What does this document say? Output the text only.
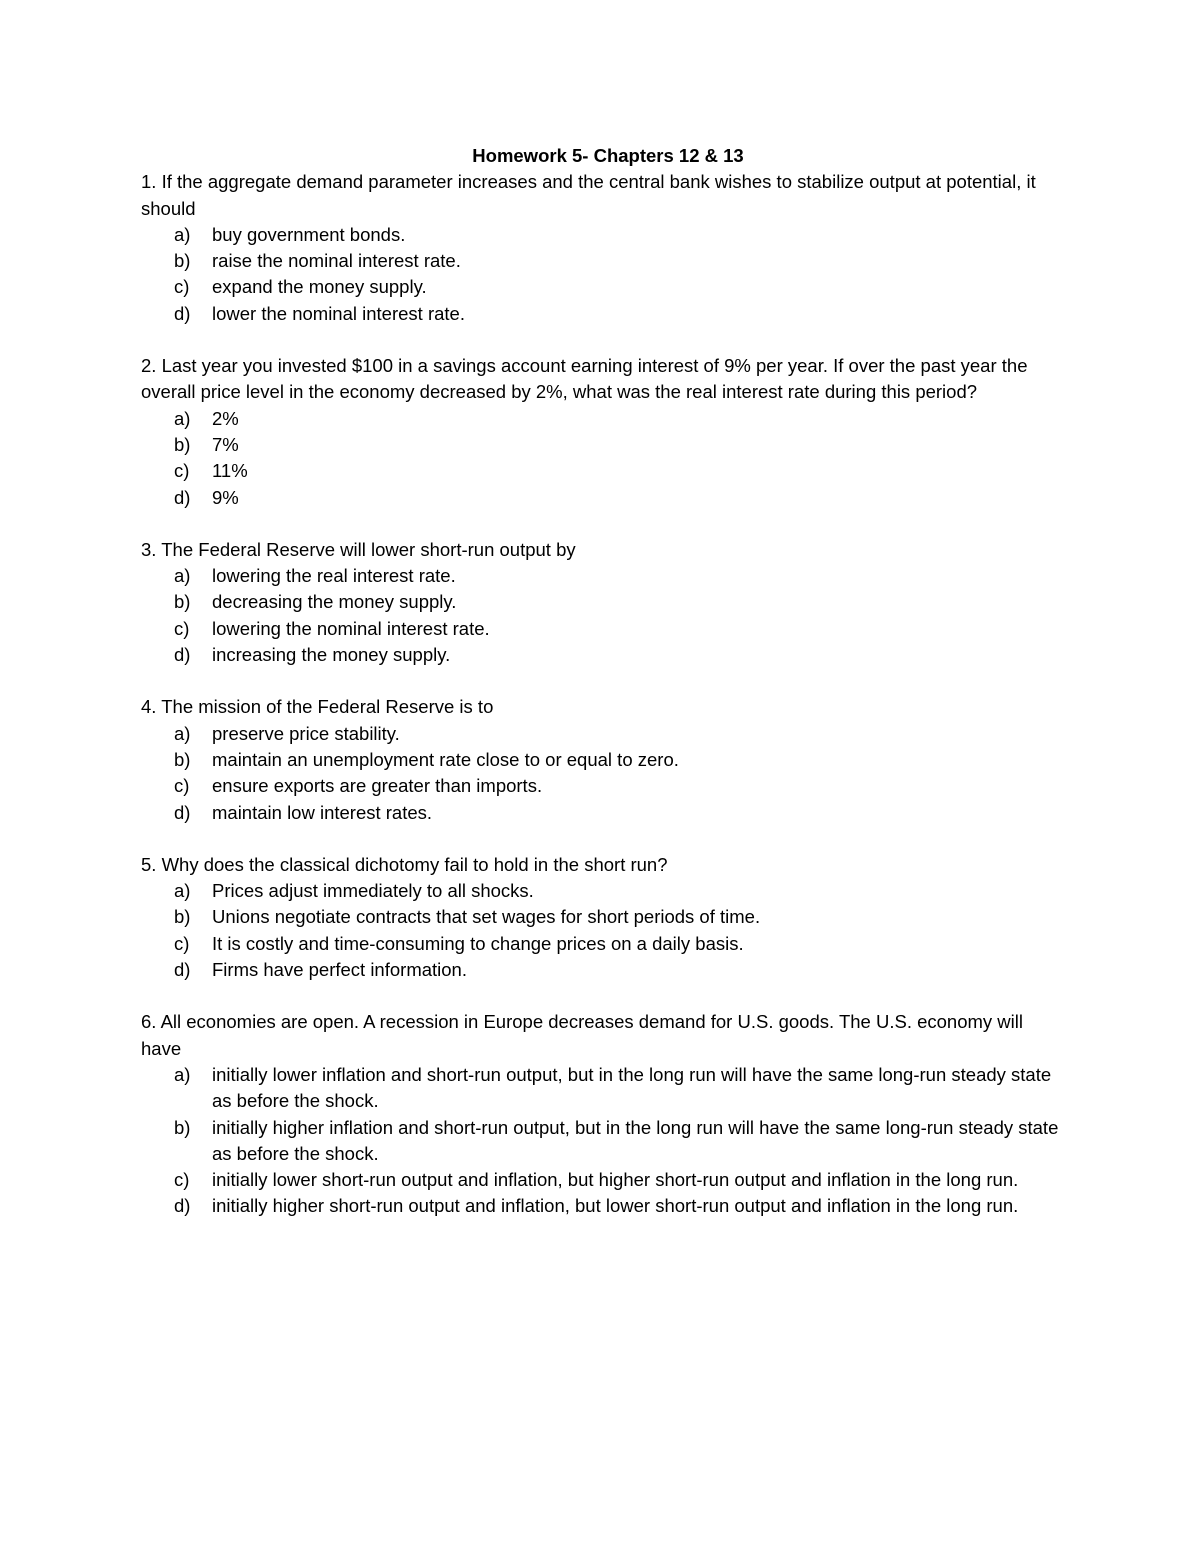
Homework 5- Chapters 12 & 13

1. If the aggregate demand parameter increases and the central bank wishes to stabilize output at potential, it should

a)	buy government bonds.
b)	raise the nominal interest rate.
c)	expand the money supply.
d)	lower the nominal interest rate.

2. Last year you invested $100 in a savings account earning interest of 9% per year. If over the past year the overall price level in the economy decreased by 2%, what was the real interest rate during this period?

a)	2%
b)	7%
c)	11%
d)	9%

3. The Federal Reserve will lower short-run output by

a)	lowering the real interest rate.
b)	decreasing the money supply.
c)	lowering the nominal interest rate.
d)	increasing the money supply.

4. The mission of the Federal Reserve is to

a)	preserve price stability.
b)	maintain an unemployment rate close to or equal to zero.
c)	ensure exports are greater than imports.
d)	maintain low interest rates.

5. Why does the classical dichotomy fail to hold in the short run?

a)	Prices adjust immediately to all shocks.
b)	Unions negotiate contracts that set wages for short periods of time.
c)	It is costly and time-consuming to change prices on a daily basis.
d)	Firms have perfect information.

6. All economies are open. A recession in Europe decreases demand for U.S. goods. The U.S. economy will have

a)	initially lower inflation and short-run output, but in the long run will have the same long-run steady state as before the shock.
b)	initially higher inflation and short-run output, but in the long run will have the same long-run steady state as before the shock.
c)	initially lower short-run output and inflation, but higher short-run output and inflation in the long run.
d)	initially higher short-run output and inflation, but lower short-run output and inflation in the long run.
